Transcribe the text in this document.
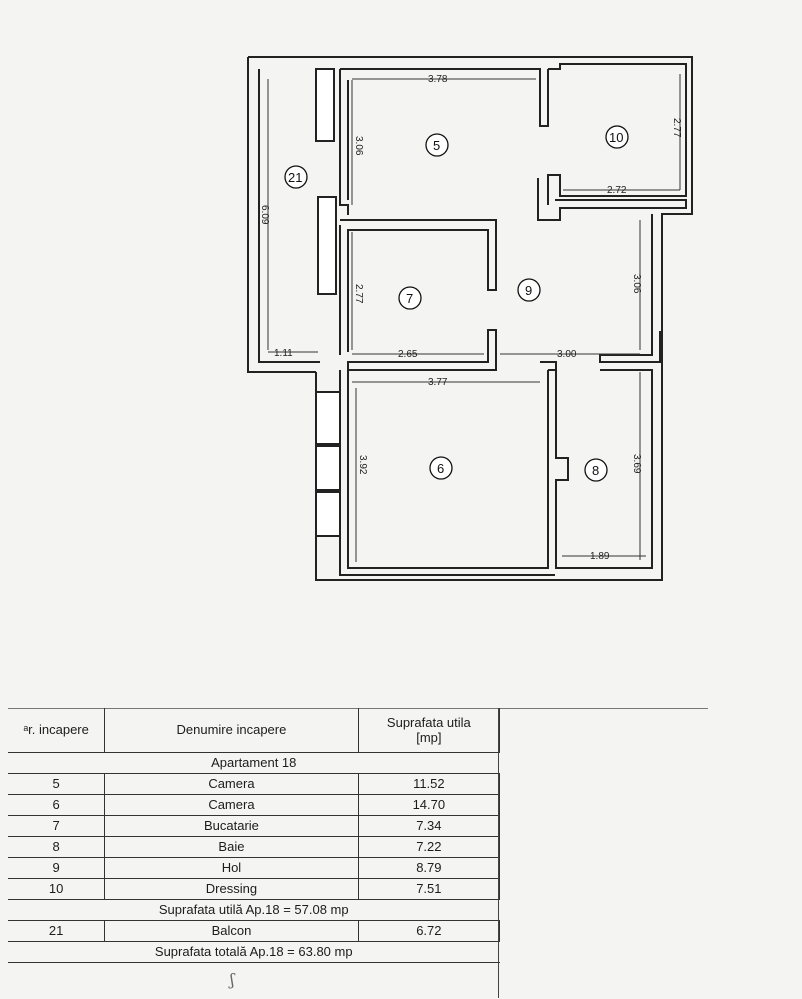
3.78
3.06
2.77
2.72
6.09
2.77
3.06
1.11	2.65	3.00
3.77
3.92	3.69
1.89
5
10
21
7
9
6	8
ᵃr. incapere	Denumire incapere	Suprafata utila
[mp]

Apartament 18		
5	Camera	11.52
6	Camera	14.70
7	Bucatarie	7.34
8	Baie	7.22
9	Hol	8.79
10	Dressing	7.51
Suprafata utilă Ap.18 = 57.08 mp		
21	Balcon	6.72
Suprafata totală Ap.18 = 63.80 mp		
ʃ
